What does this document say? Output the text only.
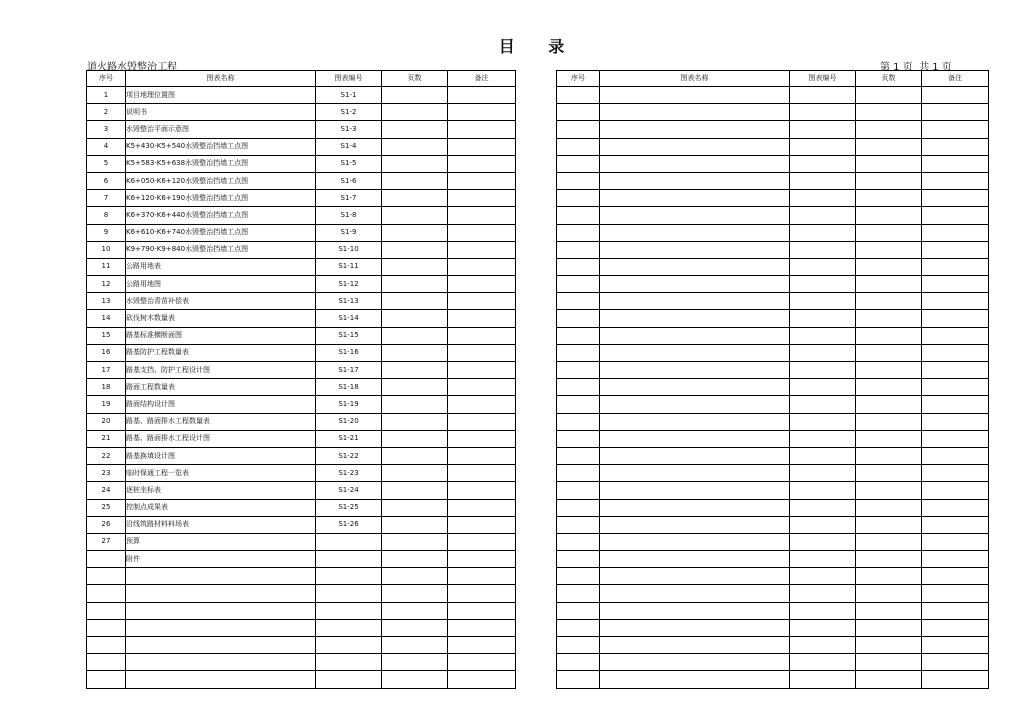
目 录
道火路水毁整治工程	第 1 页  共 1 页
序号	图表名称	图表编号	页数	备注
1	项目地理位置图	S1-1		
2	说明书	S1-2		
3	水毁整治平面示意图	S1-3		
4	K5+430-K5+540水毁整治挡墙工点图	S1-4		
5	K5+583-K5+638水毁整治挡墙工点图	S1-5		
6	K6+050-K6+120水毁整治挡墙工点图	S1-6		
7	K6+120-K6+190水毁整治挡墙工点图	S1-7		
8	K6+370-K6+440水毁整治挡墙工点图	S1-8		
9	K6+610-K6+740水毁整治挡墙工点图	S1-9		
10	K9+790-K9+840水毁整治挡墙工点图	S1-10		
11	公路用地表	S1-11		
12	公路用地图	S1-12		
13	水毁整治青苗补偿表	S1-13		
14	砍伐树木数量表	S1-14		
15	路基标准横断面图	S1-15		
16	路基防护工程数量表	S1-16		
17	路基支挡、防护工程设计图	S1-17		
18	路面工程数量表	S1-18		
19	路面结构设计图	S1-19		
20	路基、路面排水工程数量表	S1-20		
21	路基、路面排水工程设计图	S1-21		
22	路基换填设计图	S1-22		
23	临时保通工程一览表	S1-23		
24	逐桩坐标表	S1-24		
25	控制点成果表	S1-25		
26	沿线筑路材料料场表	S1-26		
27	预算			
	附件			

序号	图表名称	图表编号	页数	备注
